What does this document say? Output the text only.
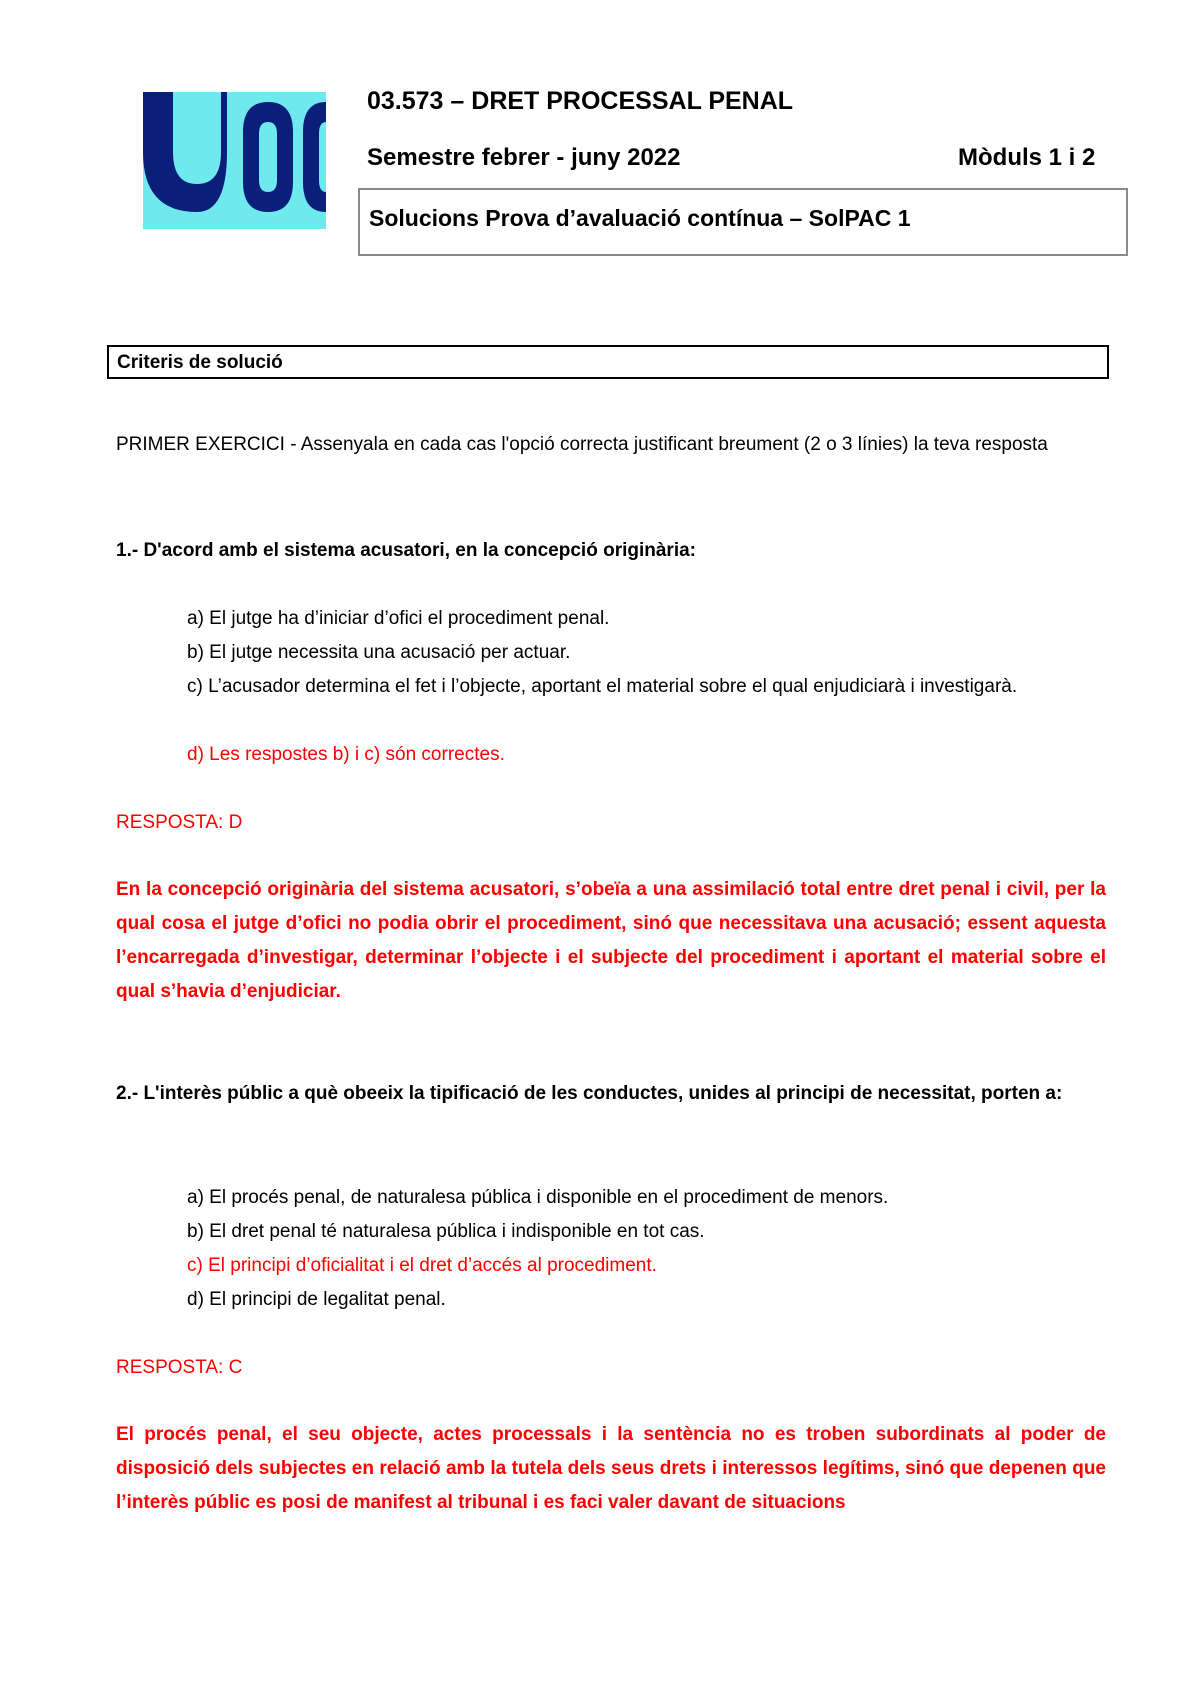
03.573 – DRET PROCESSAL PENAL
Semestre febrer - juny 2022	Mòduls 1 i 2
Solucions Prova d’avaluació contínua – SolPAC 1
Criteris de solució
PRIMER EXERCICI - Assenyala en cada cas l'opció correcta justificant breument (2 o 3 línies) la teva resposta
1.- D'acord amb el sistema acusatori, en la concepció originària:
a) El jutge ha d’iniciar d’ofici el procediment penal.
b) El jutge necessita una acusació per actuar.
c) L’acusador determina el fet i l’objecte, aportant el material sobre el qual enjudiciarà i investigarà.
d) Les respostes b) i c) són correctes.
RESPOSTA: D
En la concepció originària del sistema acusatori, s’obeïa a una assimilació total entre dret penal i civil, per la qual cosa el jutge d’ofici no podia obrir el procediment, sinó que necessitava una acusació; essent aquesta l’encarregada d’investigar, determinar l’objecte i el subjecte del procediment i aportant el material sobre el qual s’havia d’enjudiciar.
2.- L'interès públic a què obeeix la tipificació de les conductes, unides al principi de necessitat, porten a:
a) El procés penal, de naturalesa pública i disponible en el procediment de menors.
b) El dret penal té naturalesa pública i indisponible en tot cas.
c) El principi d’oficialitat i el dret d’accés al procediment.
d) El principi de legalitat penal.
RESPOSTA: C
El procés penal, el seu objecte, actes processals i la sentència no es troben subordinats al poder de disposició dels subjectes en relació amb la tutela dels seus drets i interessos legítims, sinó que depenen que l’interès públic es posi de manifest al tribunal i es faci valer davant de situacions
